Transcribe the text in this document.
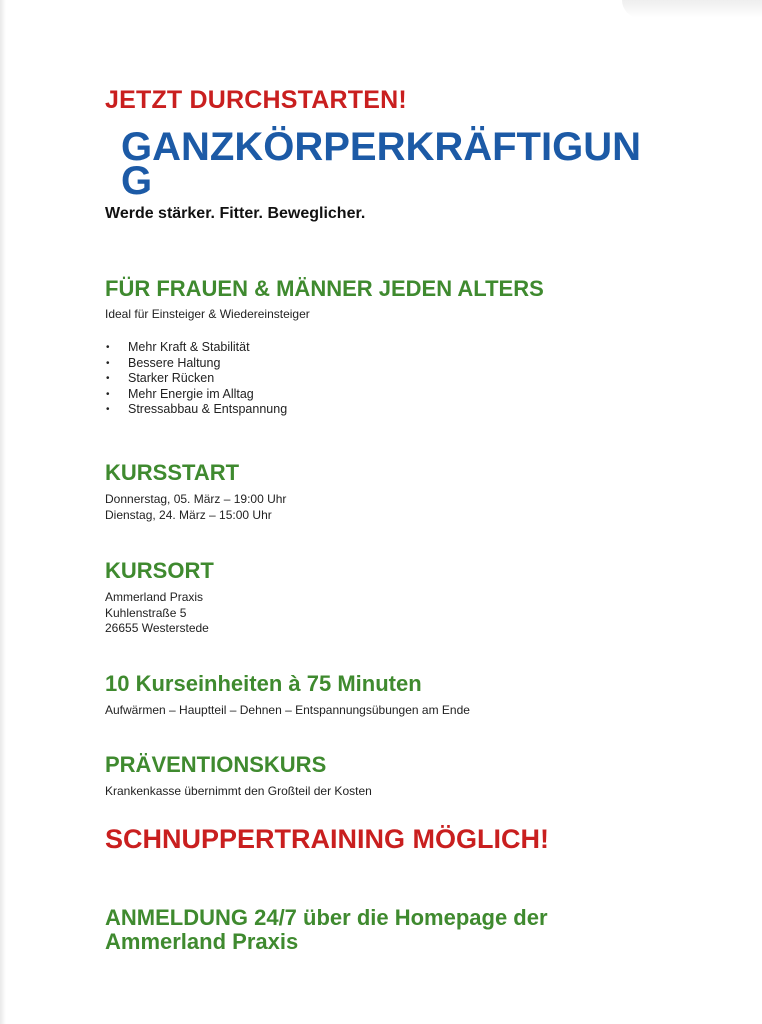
JETZT DURCHSTARTEN!
GANZKÖRPERKRÄFTIGUNG
Werde stärker. Fitter. Beweglicher.
FÜR FRAUEN & MÄNNER JEDEN ALTERS
Ideal für Einsteiger & Wiedereinsteiger
• Mehr Kraft & Stabilität
• Bessere Haltung
• Starker Rücken
• Mehr Energie im Alltag
• Stressabbau & Entspannung
KURSSTART
Donnerstag, 05. März – 19:00 Uhr
Dienstag, 24. März – 15:00 Uhr
KURSORT
Ammerland Praxis
Kuhlenstraße 5
26655 Westerstede
10 Kurseinheiten à 75 Minuten
Aufwärmen – Hauptteil – Dehnen – Entspannungsübungen am Ende
PRÄVENTIONSKURS
Krankenkasse übernimmt den Großteil der Kosten
SCHNUPPERTRAINING MÖGLICH!
ANMELDUNG 24/7 über die Homepage der Ammerland Praxis
